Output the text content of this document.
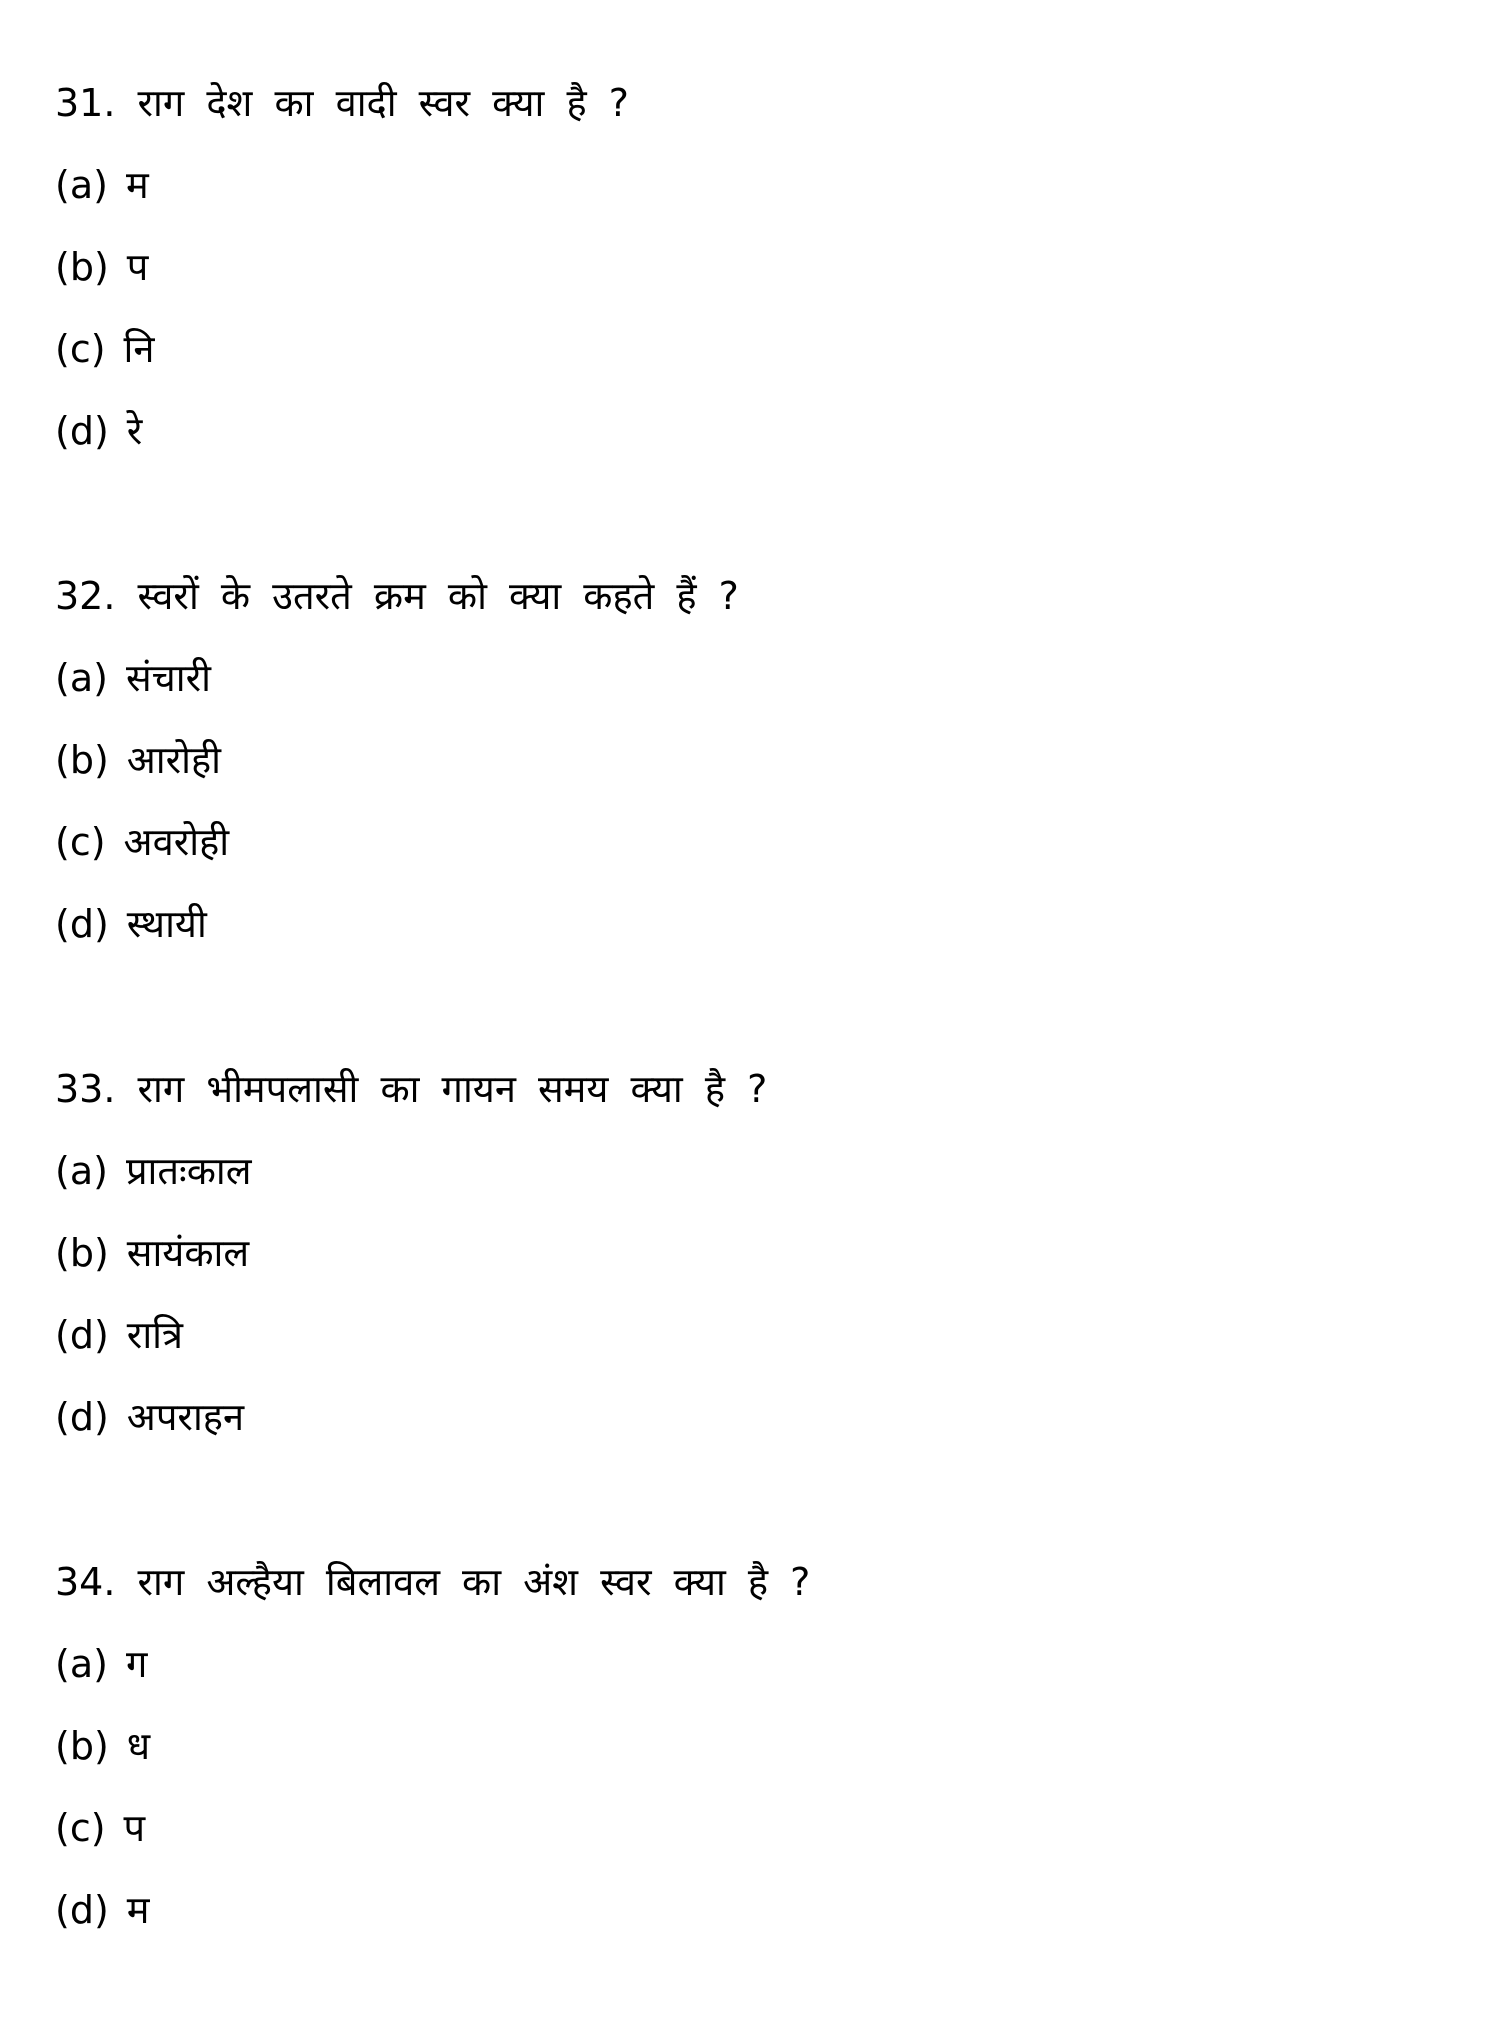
31. राग देश का वादी स्वर क्या है ?
(a) म
(b) प
(c) नि
(d) रे
32. स्वरों के उतरते क्रम को क्या कहते हैं ?
(a) संचारी
(b) आरोही
(c) अवरोही
(d) स्थायी
33. राग भीमपलासी का गायन समय क्या है ?
(a) प्रातःकाल
(b) सायंकाल
(d) रात्रि
(d) अपराहन
34. राग अल्हैया बिलावल का अंश स्वर क्या है ?
(a) ग
(b) ध
(c) प
(d) म
